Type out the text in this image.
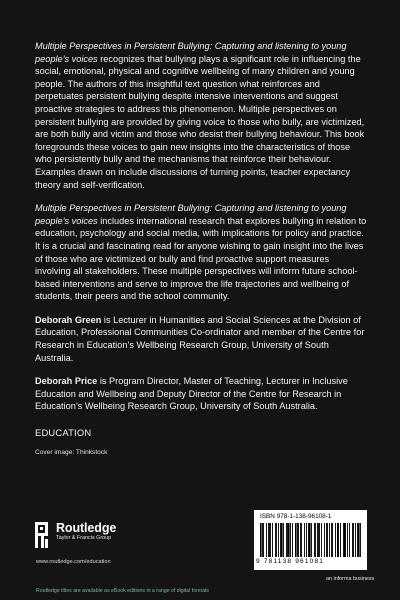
Multiple Perspectives in Persistent Bullying: Capturing and listening to young people’s voices recognizes that bullying plays a significant role in influencing the social, emotional, physical and cognitive wellbeing of many children and young people. The authors of this insightful text question what reinforces and perpetuates persistent bullying despite intensive interventions and suggest proactive strategies to address this phenomenon. Multiple perspectives on persistent bullying are provided by giving voice to those who bully, are victimized, are both bully and victim and those who desist their bullying behaviour. This book foregrounds these voices to gain new insights into the characteristics of those who persistently bully and the mechanisms that reinforce their behaviour. Examples drawn on include discussions of turning points, teacher expectancy theory and self-verification.

Multiple Perspectives in Persistent Bullying: Capturing and listening to young people’s voices includes international research that explores bullying in relation to education, psychology and social media, with implications for policy and practice. It is a crucial and fascinating read for anyone wishing to gain insight into the lives of those who are victimized or bully and find proactive support measures involving all stakeholders. These multiple perspectives will inform future school-based interventions and serve to improve the life trajectories and wellbeing of students, their peers and the school community.

Deborah Green is Lecturer in Humanities and Social Sciences at the Division of Education, Professional Communities Co-ordinator and member of the Centre for Research in Education’s Wellbeing Research Group, University of South Australia.

Deborah Price is Program Director, Master of Teaching, Lecturer in Inclusive Education and Wellbeing and Deputy Director of the Centre for Research in Education’s Wellbeing Research Group, University of South Australia.

EDUCATION

Cover image: Thinkstock

Routledge
Taylor & Francis Group
www.routledge.com/education
ISBN 978-1-138-96108-1
9 781138 961081
an informa business
Routledge titles are available as eBook editions in a range of digital formats
